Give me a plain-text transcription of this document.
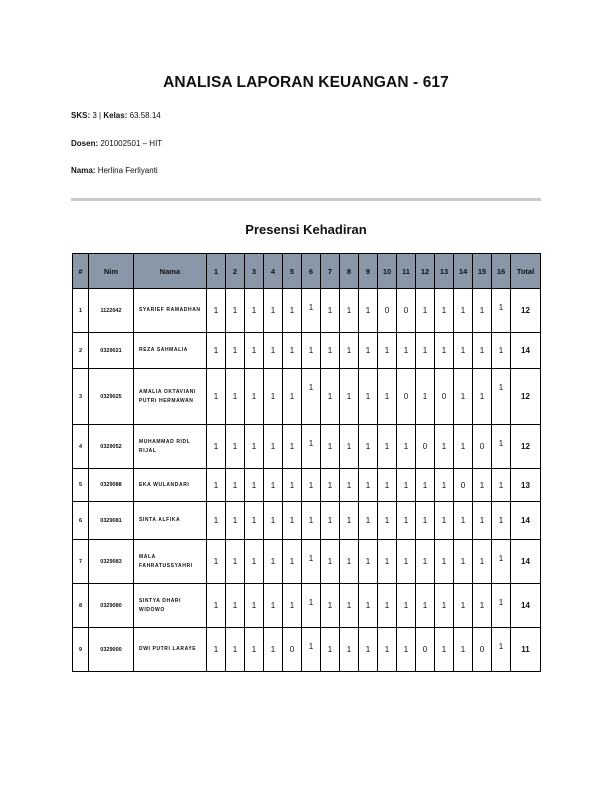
ANALISA LAPORAN KEUANGAN - 617
SKS: 3 | Kelas: 63.58.14
Dosen: 201002501 – HIT
Nama: Herlina Ferliyanti
Presensi Kehadiran
#	Nim	Nama	1	2	3	4	5	6	7	8	9	10	11	12	13	14	15	16	Total
1	1122042	SYARIEF RAMADHAN	1	1	1	1	1	1	1	1	1	0	0	1	1	1	1	1	12
2	0329021	REZA SAHMALIA	1	1	1	1	1	1	1	1	1	1	1	1	1	1	1	1	14
3	0329025	AMALIA OKTAVIANI PUTRI HERMAWAN	1	1	1	1	1	1	1	1	1	1	0	1	0	1	1	1	12
4	0329052	MUHAMMAD RIDL RIJAL	1	1	1	1	1	1	1	1	1	1	1	0	1	1	0	1	12
5	0329088	EKA WULANDARI	1	1	1	1	1	1	1	1	1	1	1	1	1	0	1	1	13
6	0329081	SINTA ALFIKA	1	1	1	1	1	1	1	1	1	1	1	1	1	1	1	1	14
7	0329083	MALA FAHRATUSSYAHRI	1	1	1	1	1	1	1	1	1	1	1	1	1	1	1	1	14
8	0329080	SINTYA DHARI WIDOWO	1	1	1	1	1	1	1	1	1	1	1	1	1	1	1	1	14
9	0329000	DWI PUTRI LARAYE	1	1	1	1	0	1	1	1	1	1	1	0	1	1	0	1	11
